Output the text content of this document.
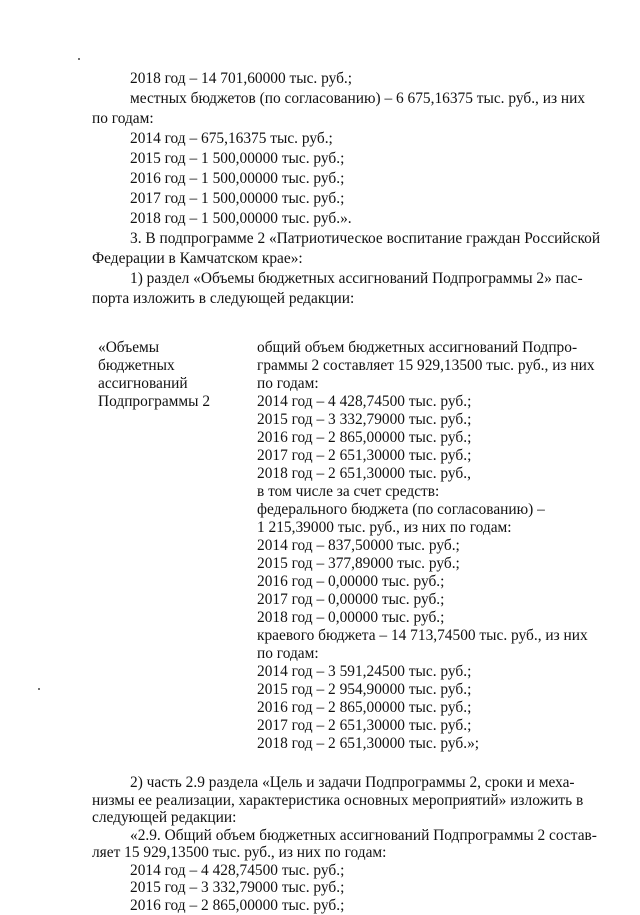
2018 год – 14 701,60000 тыс. руб.;
местных бюджетов (по согласованию) – 6 675,16375 тыс. руб., из них
по годам:
2014 год – 675,16375 тыс. руб.;
2015 год – 1 500,00000 тыс. руб.;
2016 год – 1 500,00000 тыс. руб.;
2017 год – 1 500,00000 тыс. руб.;
2018 год – 1 500,00000 тыс. руб.».
3. В подпрограмме 2 «Патриотическое воспитание граждан Российской
Федерации в Камчатском крае»:
1) раздел «Объемы бюджетных ассигнований Подпрограммы 2» пас-
порта изложить в следующей редакции:
«Объемы
бюджетных
ассигнований
Подпрограммы 2
общий объем бюджетных ассигнований Подпро-
граммы 2 составляет 15 929,13500 тыс. руб., из них
по годам:
2014 год – 4 428,74500 тыс. руб.;
2015 год – 3 332,79000 тыс. руб.;
2016 год – 2 865,00000 тыс. руб.;
2017 год – 2 651,30000 тыс. руб.;
2018 год – 2 651,30000 тыс. руб.,
в том числе за счет средств:
федерального бюджета (по согласованию) –
1 215,39000 тыс. руб., из них по годам:
2014 год – 837,50000 тыс. руб.;
2015 год – 377,89000 тыс. руб.;
2016 год – 0,00000 тыс. руб.;
2017 год – 0,00000 тыс. руб.;
2018 год – 0,00000 тыс. руб.;
краевого бюджета – 14 713,74500 тыс. руб., из них
по годам:
2014 год – 3 591,24500 тыс. руб.;
2015 год – 2 954,90000 тыс. руб.;
2016 год – 2 865,00000 тыс. руб.;
2017 год – 2 651,30000 тыс. руб.;
2018 год – 2 651,30000 тыс. руб.»;
2) часть 2.9 раздела «Цель и задачи Подпрограммы 2, сроки и меха-
низмы ее реализации, характеристика основных мероприятий» изложить в
следующей редакции:
«2.9. Общий объем бюджетных ассигнований Подпрограммы 2 состав-
ляет 15 929,13500 тыс. руб., из них по годам:
2014 год – 4 428,74500 тыс. руб.;
2015 год – 3 332,79000 тыс. руб.;
2016 год – 2 865,00000 тыс. руб.;
